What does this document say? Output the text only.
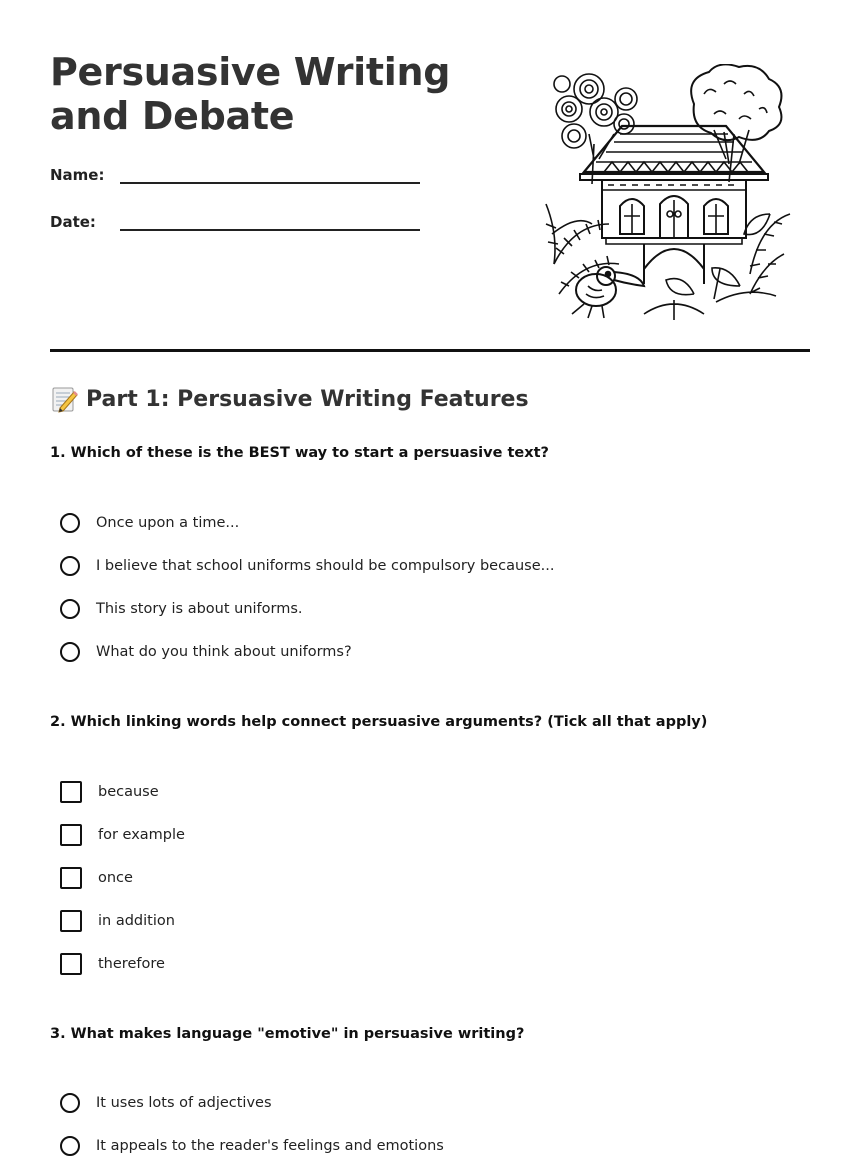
Persuasive Writing and Debate
Name:
Date:
Part 1: Persuasive Writing Features
1. Which of these is the BEST way to start a persuasive text?
Once upon a time...
I believe that school uniforms should be compulsory because...
This story is about uniforms.
What do you think about uniforms?
2. Which linking words help connect persuasive arguments? (Tick all that apply)
because
for example
once
in addition
therefore
3. What makes language "emotive" in persuasive writing?
It uses lots of adjectives
It appeals to the reader's feelings and emotions
